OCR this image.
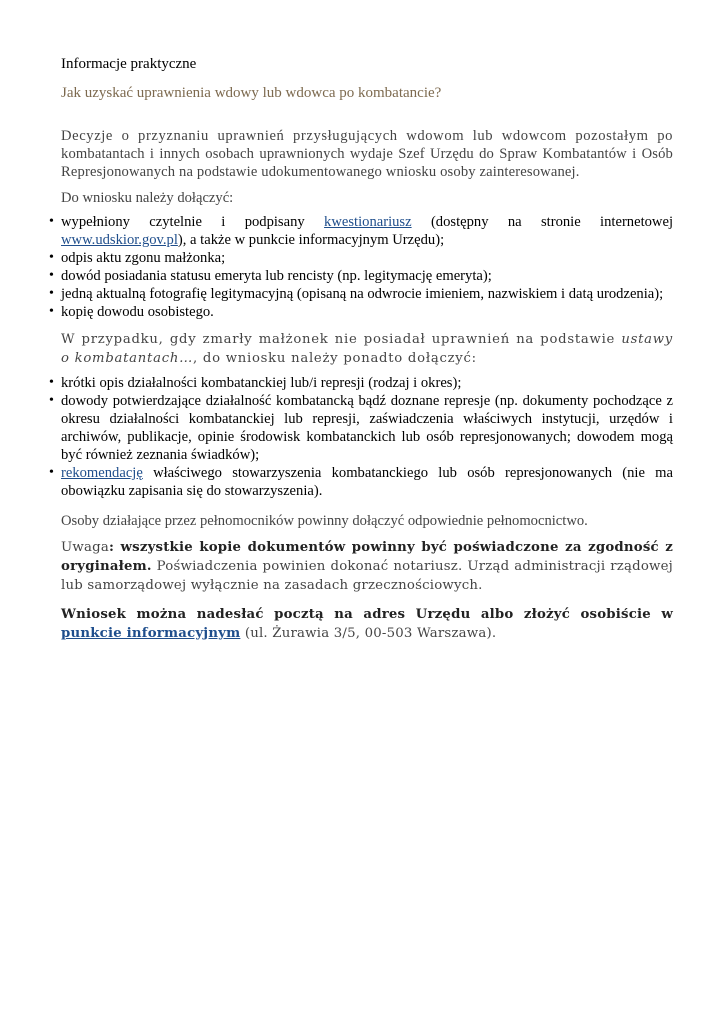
Informacje praktyczne

Jak uzyskać uprawnienia wdowy lub wdowca po kombatancie?

Decyzje o przyznaniu uprawnień przysługujących wdowom lub wdowcom pozostałym po kombatantach i innych osobach uprawnionych wydaje Szef Urzędu do Spraw Kombatantów i Osób Represjonowanych na podstawie udokumentowanego wniosku osoby zainteresowanej.

Do wniosku należy dołączyć:

• wypełniony czytelnie i podpisany kwestionariusz (dostępny na stronie internetowej www.udskior.gov.pl), a także w punkcie informacyjnym Urzędu);
• odpis aktu zgonu małżonka;
• dowód posiadania statusu emeryta lub rencisty (np. legitymację emeryta);
• jedną aktualną fotografię legitymacyjną (opisaną na odwrocie imieniem, nazwiskiem i datą urodzenia);
• kopię dowodu osobistego.

W przypadku, gdy zmarły małżonek nie posiadał uprawnień na podstawie ustawy o kombatantach…, do wniosku należy ponadto dołączyć:

• krótki opis działalności kombatanckiej lub/i represji (rodzaj i okres);
• dowody potwierdzające działalność kombatancką bądź doznane represje (np. dokumenty pochodzące z okresu działalności kombatanckiej lub represji, zaświadczenia właściwych instytucji, urzędów i archiwów, publikacje, opinie środowisk kombatanckich lub osób represjonowanych; dowodem mogą być również zeznania świadków);
• rekomendację właściwego stowarzyszenia kombatanckiego lub osób represjonowanych (nie ma obowiązku zapisania się do stowarzyszenia).

Osoby działające przez pełnomocników powinny dołączyć odpowiednie pełnomocnictwo.

Uwaga: wszystkie kopie dokumentów powinny być poświadczone za zgodność z oryginałem. Poświadczenia powinien dokonać notariusz. Urząd administracji rządowej lub samorządowej wyłącznie na zasadach grzecznościowych.

Wniosek można nadesłać pocztą na adres Urzędu albo złożyć osobiście w punkcie informacyjnym (ul. Żurawia 3/5, 00-503 Warszawa).
